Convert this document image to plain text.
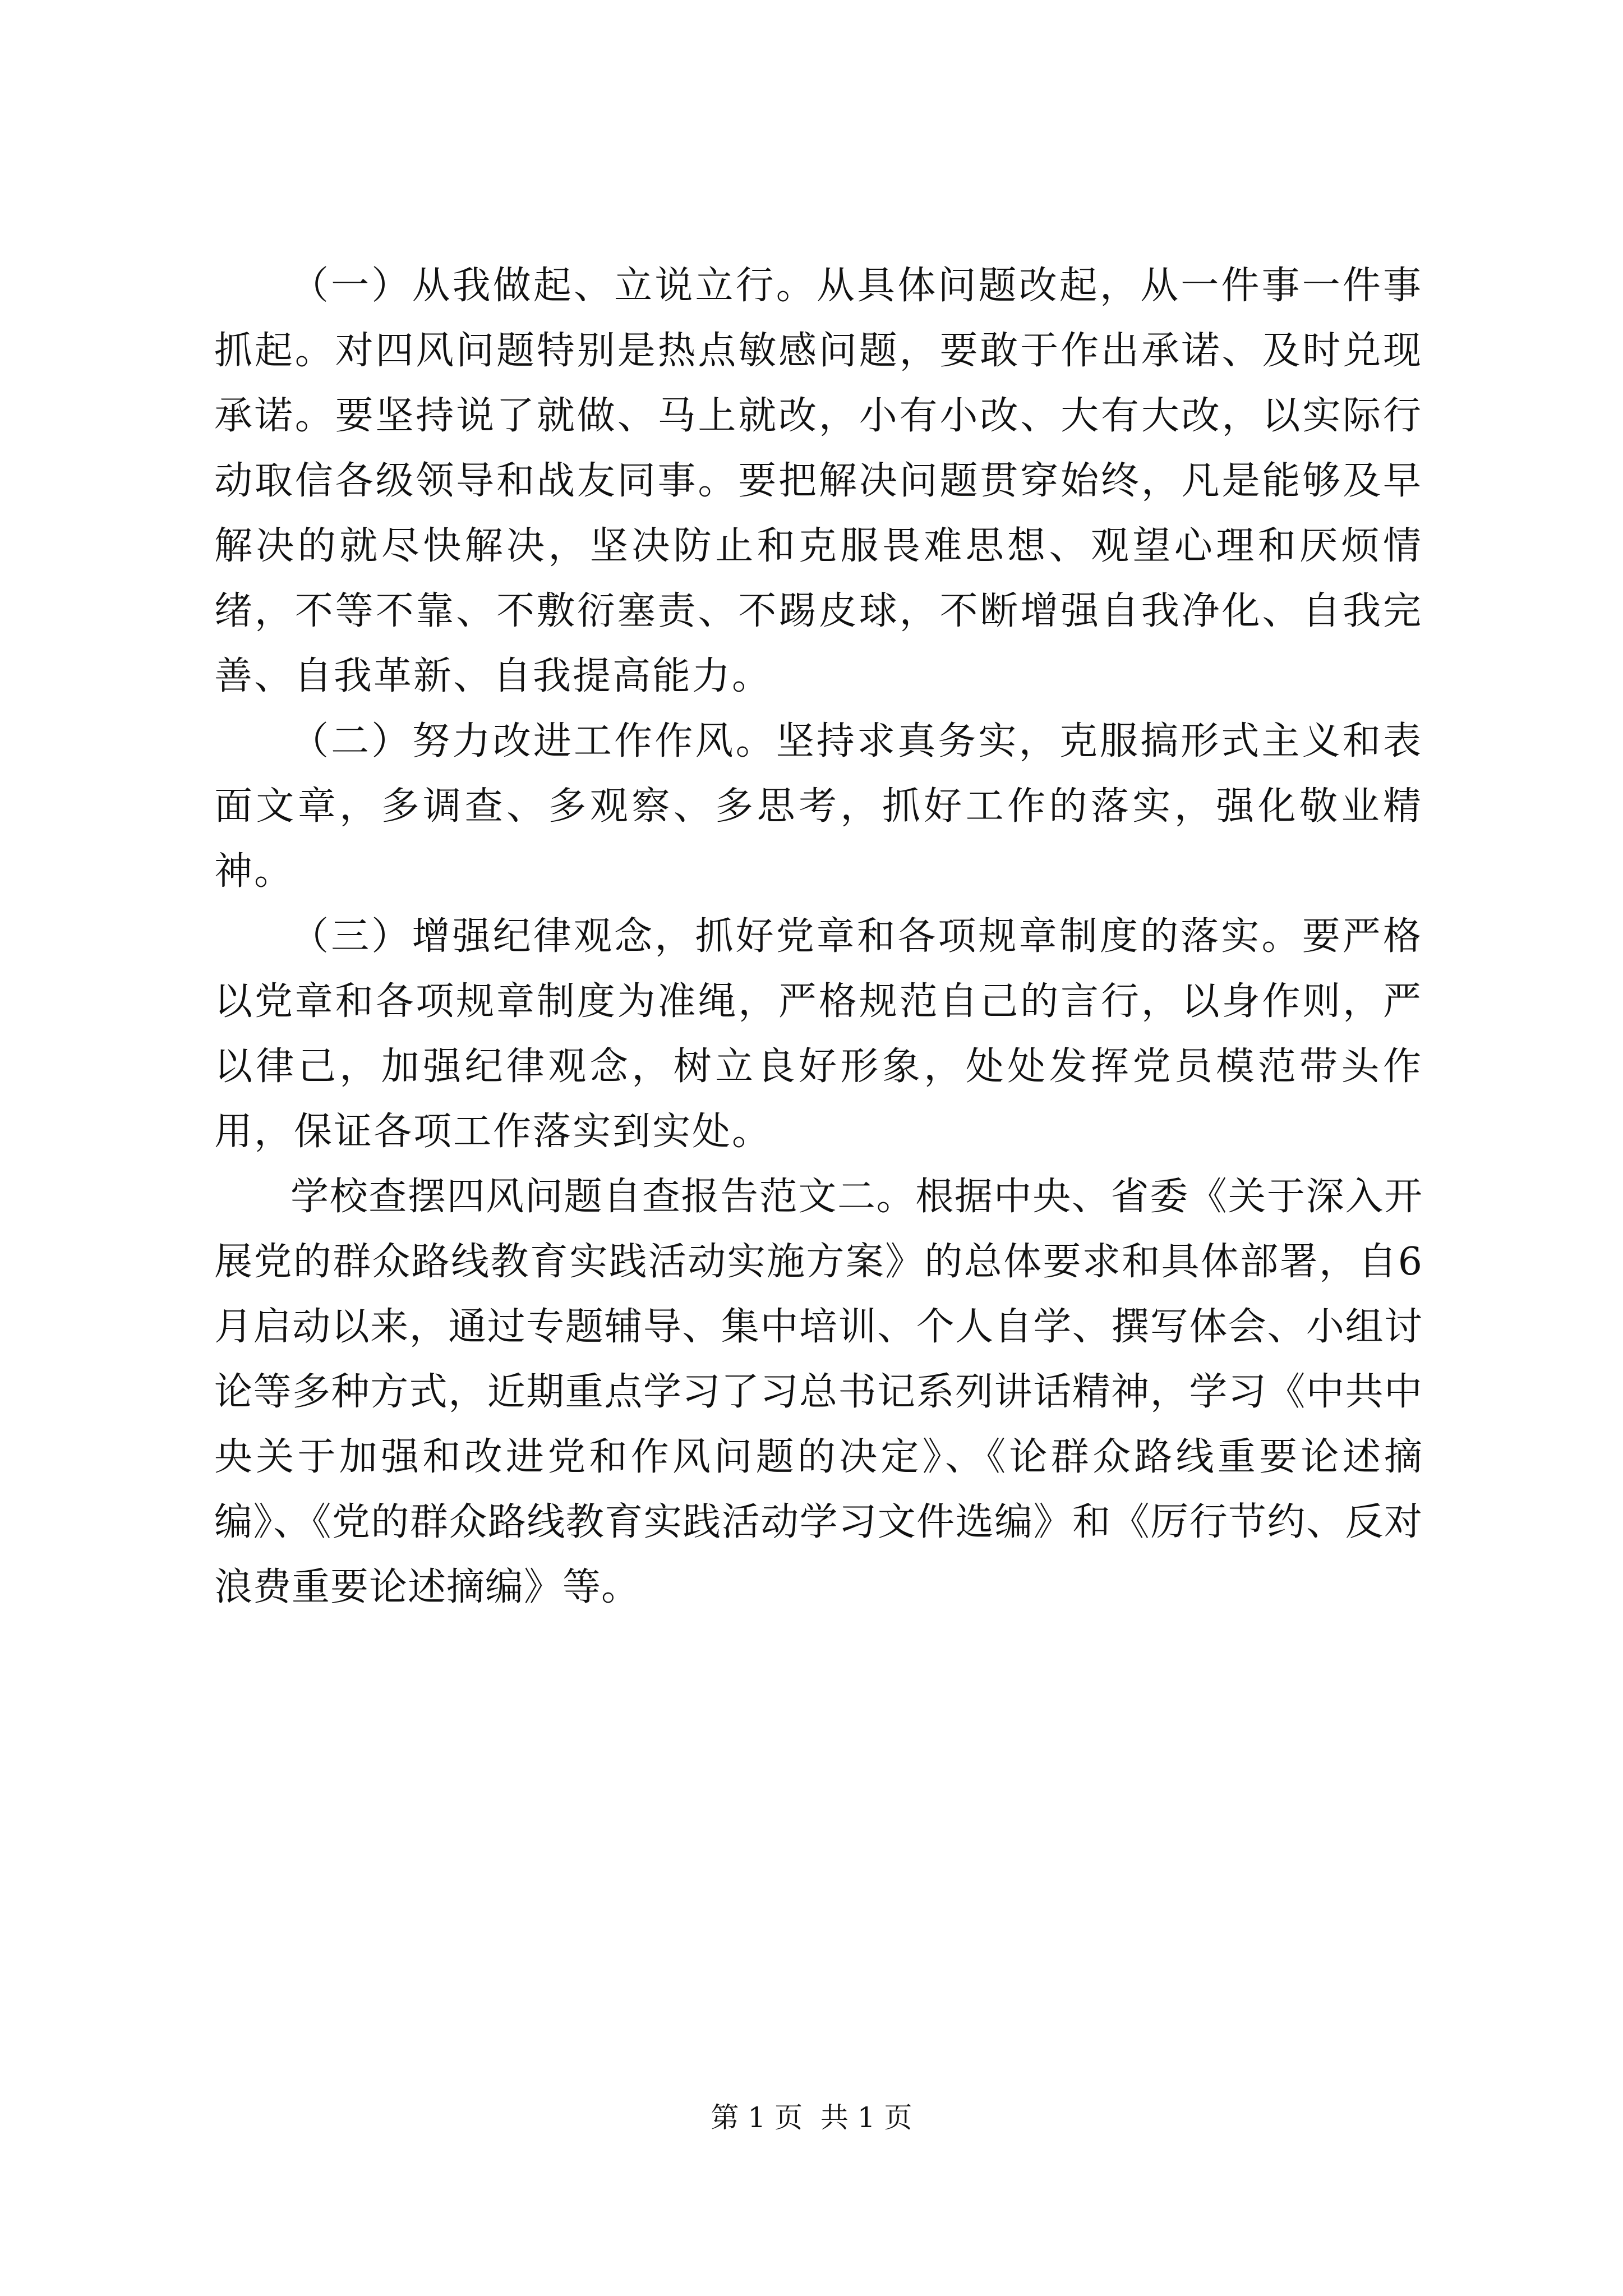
（一）从我做起、立说立行。从具体问题改起，从一件事一件事抓起。对四风问题特别是热点敏感问题，要敢于作出承诺、及时兑现承诺。要坚持说了就做、马上就改，小有小改、大有大改，以实际行动取信各级领导和战友同事。要把解决问题贯穿始终，凡是能够及早解决的就尽快解决，坚决防止和克服畏难思想、观望心理和厌烦情绪，不等不靠、不敷衍塞责、不踢皮球，不断增强自我净化、自我完善、自我革新、自我提高能力。

（二）努力改进工作作风。坚持求真务实，克服搞形式主义和表面文章，多调查、多观察、多思考，抓好工作的落实，强化敬业精神。

（三）增强纪律观念，抓好党章和各项规章制度的落实。要严格以党章和各项规章制度为准绳，严格规范自己的言行，以身作则，严以律己，加强纪律观念，树立良好形象，处处发挥党员模范带头作用，保证各项工作落实到实处。

学校查摆四风问题自查报告范文二。根据中央、省委《关于深入开展党的群众路线教育实践活动实施方案》的总体要求和具体部署，自6月启动以来，通过专题辅导、集中培训、个人自学、撰写体会、小组讨论等多种方式，近期重点学习了习总书记系列讲话精神，学习《中共中央关于加强和改进党和作风问题的决定》、《论群众路线重要论述摘编》、《党的群众路线教育实践活动学习文件选编》和《厉行节约、反对浪费重要论述摘编》等。

第 1 页  共 1 页
